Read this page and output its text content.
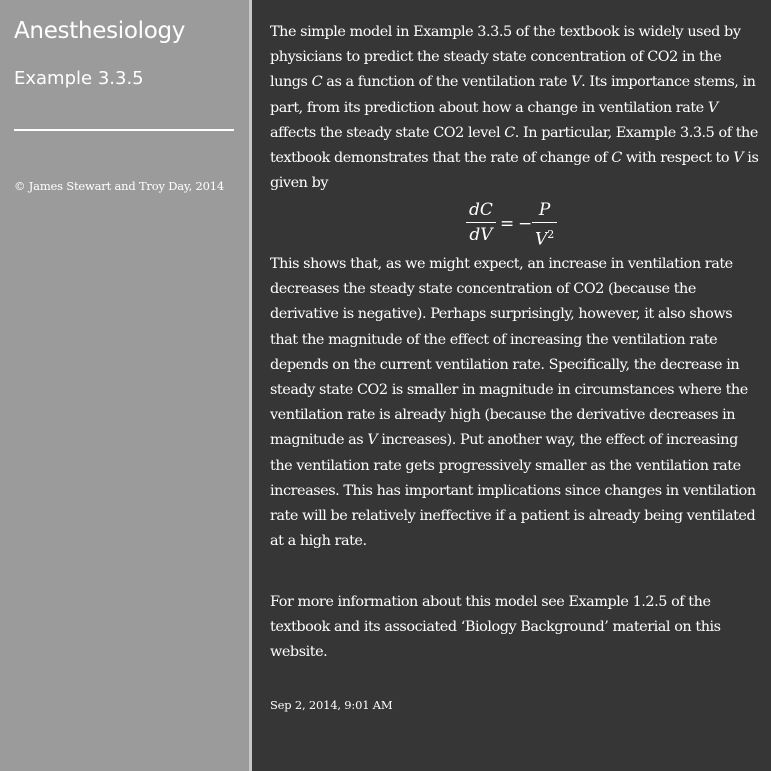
Anesthesiology
Example 3.3.5
© James Stewart and Troy Day, 2014

The simple model in Example 3.3.5 of the textbook is widely used by physicians to predict the steady state concentration of CO2 in the lungs C as a function of the ventilation rate V. Its importance stems, in part, from its prediction about how a change in ventilation rate V affects the steady state CO2 level C. In particular, Example 3.3.5 of the textbook demonstrates that the rate of change of C with respect to V is given by

dC
dV
= −
P
$V^2$

This shows that, as we might expect, an increase in ventilation rate decreases the steady state concentration of CO2 (because the derivative is negative). Perhaps surprisingly, however, it also shows that the magnitude of the effect of increasing the ventilation rate depends on the current ventilation rate. Specifically, the decrease in steady state CO2 is smaller in magnitude in circumstances where the ventilation rate is already high (because the derivative decreases in magnitude as V increases). Put another way, the effect of increasing the ventilation rate gets progressively smaller as the ventilation rate increases. This has important implications since changes in ventilation rate will be relatively ineffective if a patient is already being ventilated at a high rate.

For more information about this model see Example 1.2.5 of the textbook and its associated ‘Biology Background’ material on this website.

Sep 2, 2014, 9:01 AM
